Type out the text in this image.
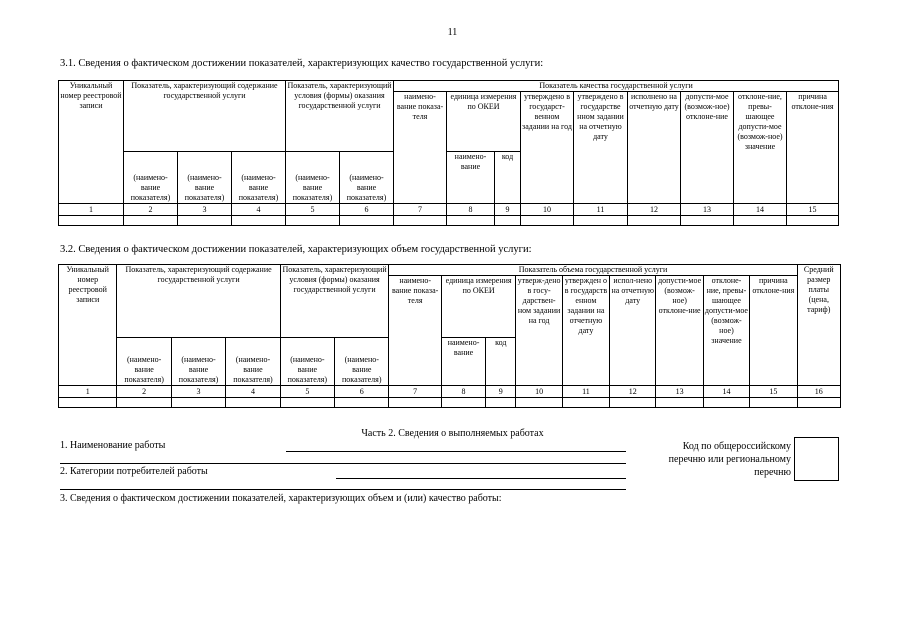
11
3.1. Сведения о фактическом достижении показателей, характеризующих качество государственной услуги:
Уникальный номер реестровой записи	Показатель, характеризующий содержание государственной услуги			Показатель, характеризующий условия (формы) оказания государственной услуги		Показатель качества государственной услуги								
						наимено-вание показа-теля	единица измерения по ОКЕИ		утверждено в государст-венном задании на год	утверждено в государстве нном задании на отчетную дату	исполнено на отчетную дату	допусти-мое (возмож-ное) отклоне-ние	отклоне-ние, превы-шающее допусти-мое (возмож-ное) значение	причина отклоне-ния
	(наимено-вание показателя)	(наимено-вание показателя)	(наимено-вание показателя)	(наимено-вание показателя)	(наимено-вание показателя)		наимено-вание	код						
1	2	3	4	5	6	7	8	9	10	11	12	13	14	15

3.2. Сведения о фактическом достижении показателей, характеризующих объем государственной услуги:
Уникальный номер реестровой записи	Показатель, характеризующий содержание государственной услуги			Показатель, характеризующий условия (формы) оказания государственной услуги		Показатель объема государственной услуги									Средний размер платы (цена, тариф)
						наимено-вание показа-теля	единица измерения по ОКЕИ		утверж-дено в госу-дарствен-ном задании на год	утвержден о в государств енном задании на отчетную дату	испол-нено на отчетную дату	допусти-мое (возмож-ное) отклоне-ние	отклоне-ние, превы-шающее допусти-мое (возмож-ное) значение	причина отклоне-ния	
	(наимено-вание показателя)	(наимено-вание показателя)	(наимено-вание показателя)	(наимено-вание показателя)	(наимено-вание показателя)		наимено-вание	код							
1	2	3	4	5	6	7	8	9	10	11	12	13	14	15	16

Часть 2. Сведения о выполняемых работах
1. Наименование работы
2. Категории потребителей работы
Код по общероссийскому перечню или региональному перечню
3. Сведения о фактическом достижении показателей, характеризующих объем и (или) качество работы:
